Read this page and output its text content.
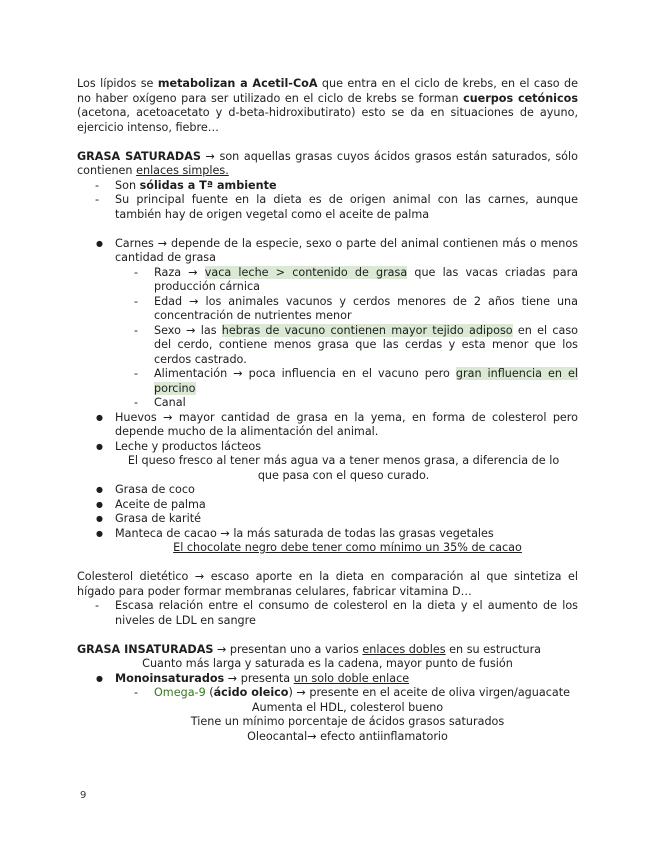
Los lípidos se metabolizan a Acetil-CoA que entra en el ciclo de krebs, en el caso de no haber oxígeno para ser utilizado en el ciclo de krebs se forman cuerpos cetónicos (acetona, acetoacetato y d-beta-hidroxibutirato) esto se da en situaciones de ayuno, ejercicio intenso, fiebre…
GRASA SATURADAS → son aquellas grasas cuyos ácidos grasos están saturados, sólo contienen enlaces simples.
- Son sólidas a Tª ambiente
- Su principal fuente en la dieta es de origen animal con las carnes, aunque también hay de origen vegetal como el aceite de palma
● Carnes → depende de la especie, sexo o parte del animal contienen más o menos cantidad de grasa
- Raza → vaca leche > contenido de grasa que las vacas criadas para producción cárnica
- Edad → los animales vacunos y cerdos menores de 2 años tiene una concentración de nutrientes menor
- Sexo → las hebras de vacuno contienen mayor tejido adiposo en el caso del cerdo, contiene menos grasa que las cerdas y esta menor que los cerdos castrado.
- Alimentación → poca influencia en el vacuno pero gran influencia en el porcino
- Canal
● Huevos → mayor cantidad de grasa en la yema, en forma de colesterol pero depende mucho de la alimentación del animal.
● Leche y productos lácteos
El queso fresco al tener más agua va a tener menos grasa, a diferencia de lo que pasa con el queso curado.
● Grasa de coco
● Aceite de palma
● Grasa de karité
● Manteca de cacao → la más saturada de todas las grasas vegetales
El chocolate negro debe tener como mínimo un 35% de cacao
Colesterol dietético → escaso aporte en la dieta en comparación al que sintetiza el hígado para poder formar membranas celulares, fabricar vitamina D…
- Escasa relación entre el consumo de colesterol en la dieta y el aumento de los niveles de LDL en sangre
GRASA INSATURADAS → presentan uno a varios enlaces dobles en su estructura
Cuanto más larga y saturada es la cadena, mayor punto de fusión
● Monoinsaturados → presenta un solo doble enlace
- Omega-9 (ácido oleico) → presente en el aceite de oliva virgen/aguacate
Aumenta el HDL, colesterol bueno
Tiene un mínimo porcentaje de ácidos grasos saturados
Oleocantal→ efecto antiinflamatorio
9
